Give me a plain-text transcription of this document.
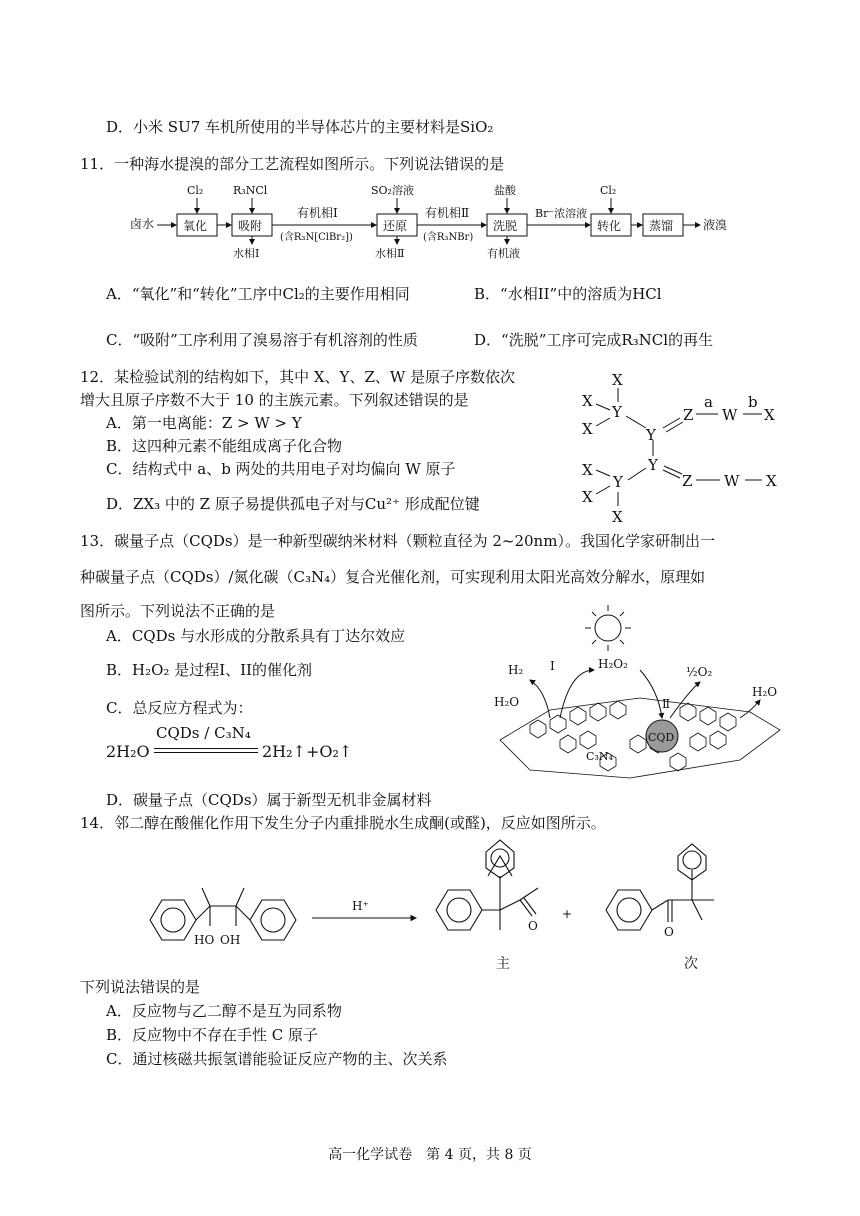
D．小米 SU7 车机所使用的半导体芯片的主要材料是SiO₂
11．一种海水提溴的部分工艺流程如图所示。下列说法错误的是
卤水 氧化	吸附	还原	洗脱	转化 蒸馏 液溴
有机相Ⅰ
(含R₃N[ClBr₂])
有机相Ⅱ
(含R₃NBr)
Br⁻浓溶液
Cl₂	R₃NCl	SO₂溶液	盐酸	Cl₂
水相Ⅰ	水相Ⅱ	有机液
A．“氧化”和“转化”工序中Cl₂的主要作用相同	B．“水相II”中的溶质为HCl
C．“吸附”工序利用了溴易溶于有机溶剂的性质	D．“洗脱”工序可完成R₃NCl的再生
12．某检验试剂的结构如下，其中 X、Y、Z、W 是原子序数依次
增大且原子序数不大于 10 的主族元素。下列叙述错误的是
A．第一电离能：Z > W > Y
B．这四种元素不能组成离子化合物
C．结构式中 a、b 两处的共用电子对均偏向 W 原子
D．ZX₃ 中的 Z 原子易提供孤电子对与Cu²⁺ 形成配位键
X
X
Y
X	Y
Z
a
W
b
X
Y
X
Y
X
Z W X
X
13．碳量子点（CQDs）是一种新型碳纳米材料（颗粒直径为 2~20nm）。我国化学家研制出一
种碳量子点（CQDs）/氮化碳（C₃N₄）复合光催化剂，可实现利用太阳光高效分解水，原理如
图所示。下列说法不正确的是
A．CQDs 与水形成的分散系具有丁达尔效应
B．H₂O₂ 是过程I、II的催化剂
C．总反应方程式为：
2H₂O
CQDs / C₃N₄
2H₂↑+O₂↑
D．碳量子点（CQDs）属于新型无机非金属材料
CQD
C₃N₄
H₂ Ⅰ	H₂O₂
½O₂
H₂O	Ⅱ
H₂O
14．邻二醇在酸催化作用下发生分子内重排脱水生成酮(或醛)，反应如图所示。
H⁺
HO OH
O
+
O
主	次
下列说法错误的是
A．反应物与乙二醇不是互为同系物
B．反应物中不存在手性 C 原子
C．通过核磁共振氢谱能验证反应产物的主、次关系
高一化学试卷　第 4 页，共 8 页
